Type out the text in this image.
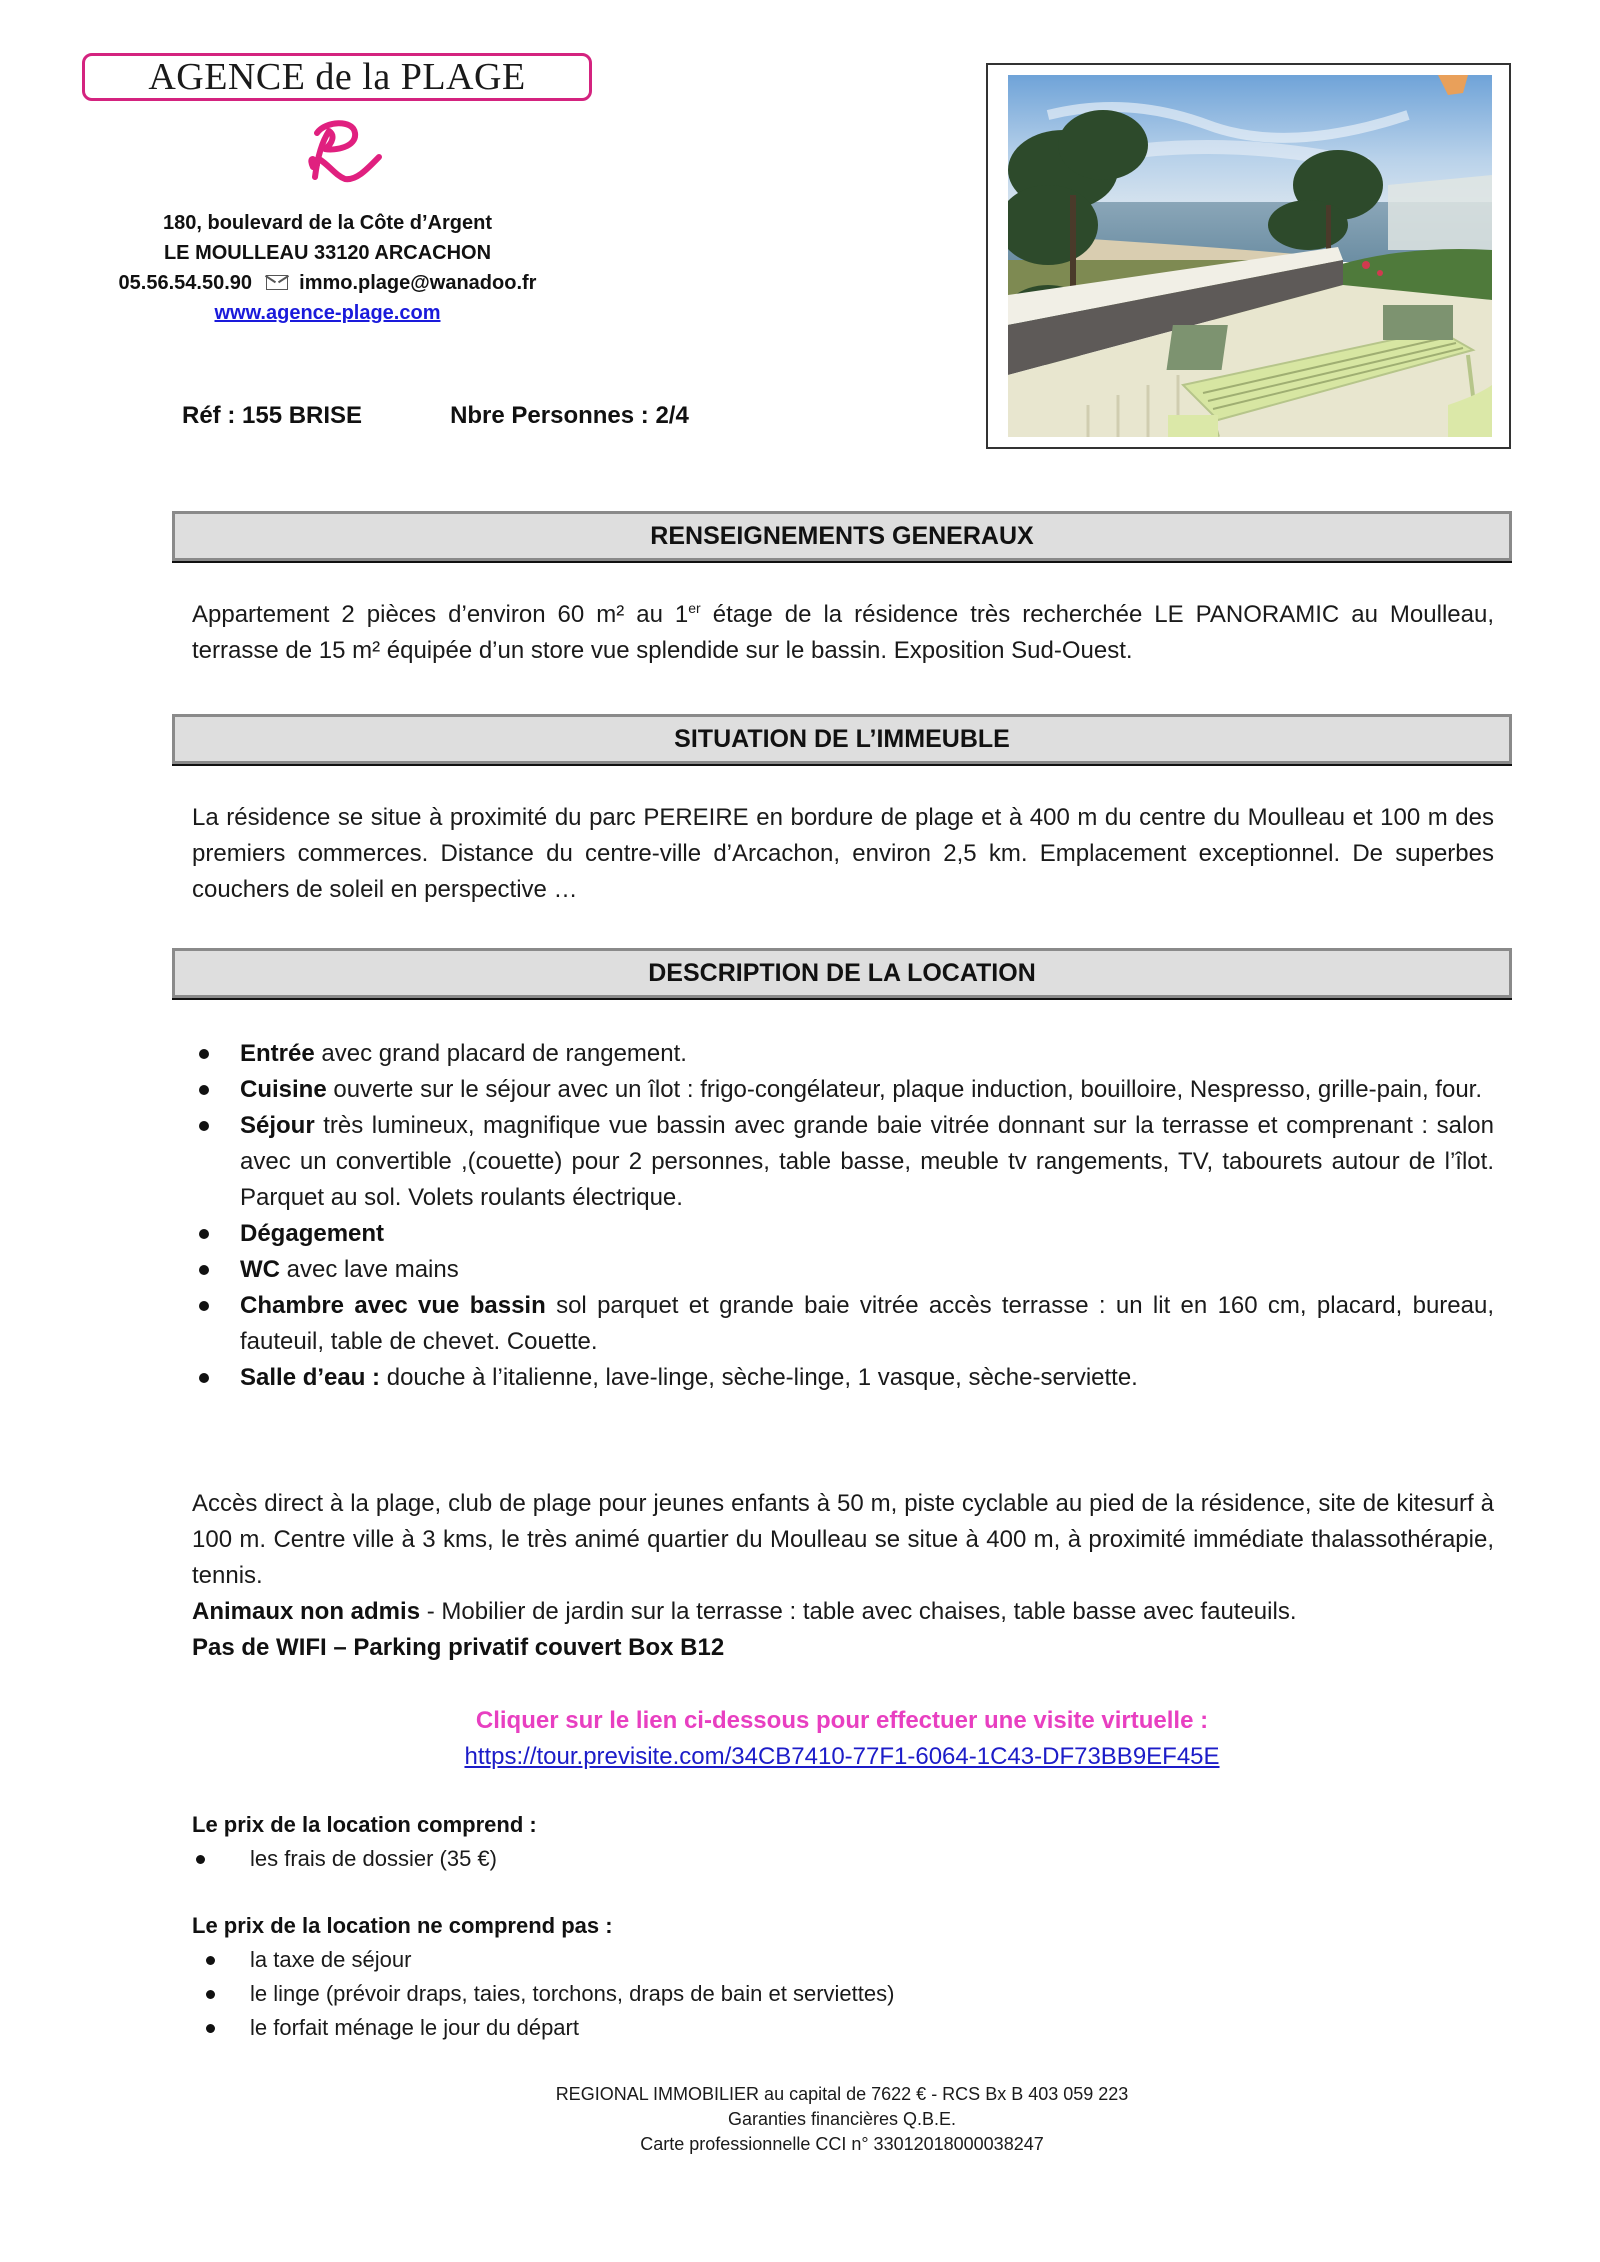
AGENCE de la PLAGE
180, boulevard de la Côte d’Argent
LE MOULLEAU 33120 ARCACHON
05.56.54.50.90 immo.plage@wanadoo.fr
www.agence-plage.com
Réf : 155 BRISE	Nbre Personnes : 2/4
RENSEIGNEMENTS GENERAUX
Appartement 2 pièces d’environ 60 m² au 1er étage de la résidence très recherchée LE PANORAMIC au Moulleau, terrasse de 15 m² équipée d’un store vue splendide sur le bassin. Exposition Sud-Ouest.
SITUATION DE L’IMMEUBLE
La résidence se situe à proximité du parc PEREIRE en bordure de plage et à 400 m du centre du Moulleau et 100 m des premiers commerces. Distance du centre-ville d’Arcachon, environ 2,5 km. Emplacement exceptionnel. De superbes couchers de soleil en perspective …
DESCRIPTION DE LA LOCATION
Entrée avec grand placard de rangement.
Cuisine ouverte sur le séjour avec un îlot : frigo-congélateur, plaque induction, bouilloire, Nespresso, grille-pain, four.
Séjour très lumineux, magnifique vue bassin avec grande baie vitrée donnant sur la terrasse et comprenant : salon avec un convertible ,(couette) pour 2 personnes, table basse, meuble tv rangements, TV, tabourets autour de l’îlot. Parquet au sol. Volets roulants électrique.
Dégagement
WC avec lave mains
Chambre avec vue bassin sol parquet et grande baie vitrée accès terrasse : un lit en 160 cm, placard, bureau, fauteuil, table de chevet. Couette.
Salle d’eau : douche à l’italienne, lave-linge, sèche-linge, 1 vasque, sèche-serviette.
Accès direct à la plage, club de plage pour jeunes enfants à 50 m, piste cyclable au pied de la résidence, site de kitesurf à 100 m. Centre ville à 3 kms, le très animé quartier du Moulleau se situe à 400 m, à proximité immédiate thalassothérapie, tennis.
Animaux non admis - Mobilier de jardin sur la terrasse : table avec chaises, table basse avec fauteuils.
Pas de WIFI – Parking privatif couvert Box B12
Cliquer sur le lien ci-dessous pour effectuer une visite virtuelle :
https://tour.previsite.com/34CB7410-77F1-6064-1C43-DF73BB9EF45E
Le prix de la location comprend :
les frais de dossier (35 €)
Le prix de la location ne comprend pas :
la taxe de séjour
le linge (prévoir draps, taies, torchons, draps de bain et serviettes)
le forfait ménage le jour du départ
REGIONAL IMMOBILIER au capital de 7622 € - RCS Bx B 403 059 223
Garanties financières Q.B.E.
Carte professionnelle CCI n° 33012018000038247
